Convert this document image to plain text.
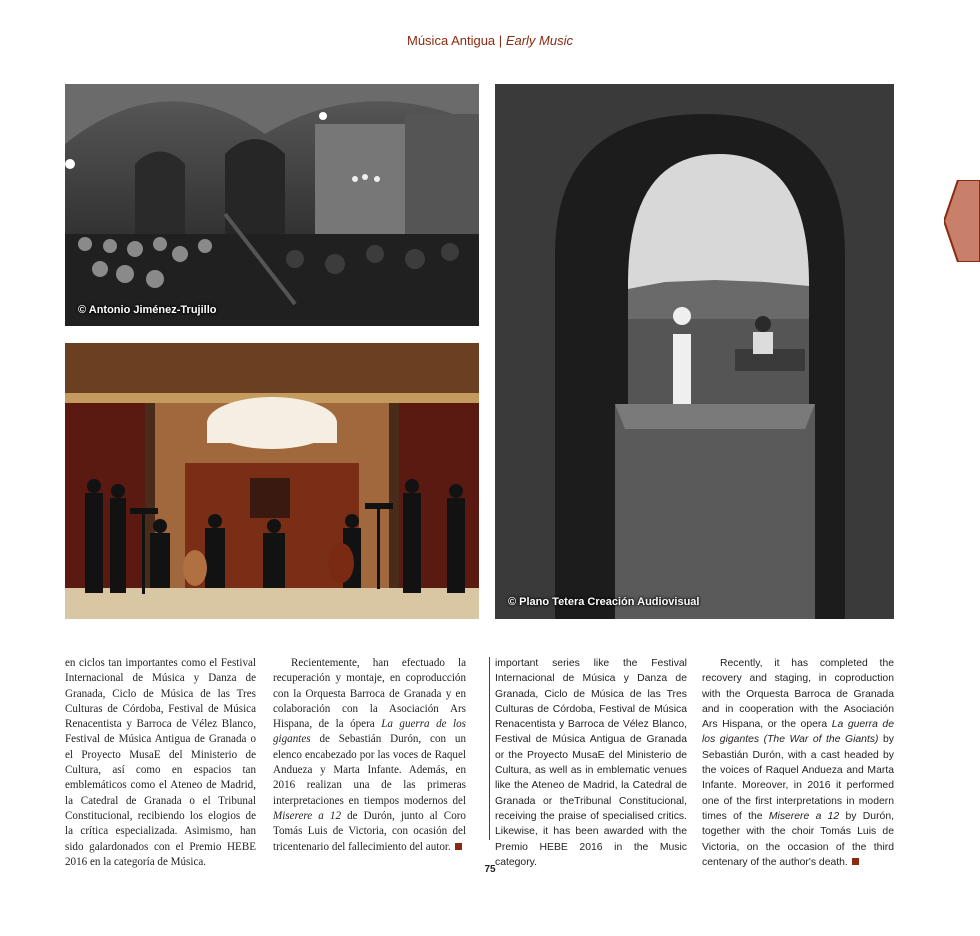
Música Antigua | Early Music
© Antonio Jiménez-Trujillo
© Plano Tetera Creación Audiovisual

en ciclos tan importantes como el Festival Internacional de Música y Danza de Granada, Ciclo de Música de las Tres Culturas de Córdoba, Festival de Música Renacentista y Barroca de Vélez Blanco, Festival de Música Antigua de Granada o el Proyecto MusaE del Ministerio de Cultura, así como en espacios tan emblemáticos como el Ateneo de Madrid, la Catedral de Granada o el Tribunal Constitucional, recibiendo los elogios de la crítica especializada. Asimismo, han sido galardonados con el Premio HEBE 2016 en la categoría de Música.

Recientemente, han efectuado la recuperación y montaje, en coproducción con la Orquesta Barroca de Granada y en colaboración con la Asociación Ars Hispana, de la ópera La guerra de los gigantes de Sebastián Durón, con un elenco encabezado por las voces de Raquel Andueza y Marta Infante. Además, en 2016 realizan una de las primeras interpretaciones en tiempos modernos del Miserere a 12 de Durón, junto al Coro Tomás Luis de Victoria, con ocasión del tricentenario del fallecimiento del autor.

important series like the Festival Internacional de Música y Danza de Granada, Ciclo de Música de las Tres Culturas de Córdoba, Festival de Música Renacentista y Barroca de Vélez Blanco, Festival de Música Antigua de Granada or the Proyecto MusaE del Ministerio de Cultura, as well as in emblematic venues like the Ateneo de Madrid, la Catedral de Granada or theTribunal Constitucional, receiving the praise of specialised critics. Likewise, it has been awarded with the Premio HEBE 2016 in the Music category.

Recently, it has completed the recovery and staging, in coproduction with the Orquesta Barroca de Granada and in cooperation with the Asociación Ars Hispana, or the opera La guerra de los gigantes (The War of the Giants) by Sebastián Durón, with a cast headed by the voices of Raquel Andueza and Marta Infante. Moreover, in 2016 it performed one of the first interpretations in modern times of the Miserere a 12 by Durón, together with the choir Tomás Luis de Victoria, on the occasion of the third centenary of the author's death.

75
